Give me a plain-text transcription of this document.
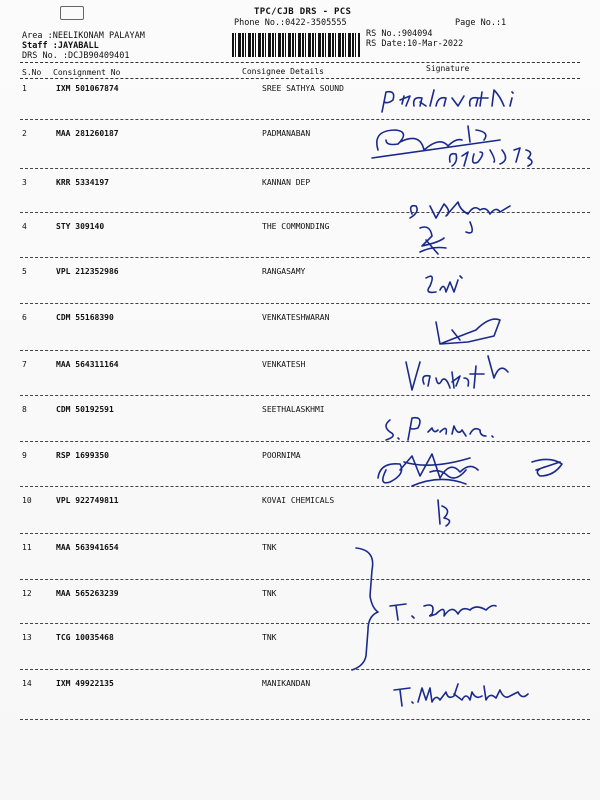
TPC/CJB DRS - PCS
Phone No.:0422-3505555	Page No.:1
RS No.:904094
RS Date:10-Mar-2022
Area :NEELIKONAM PALAYAM
Staff :JAYABALL
DRS No. :DCJB90409401
S.No Consignment No	Consignee Details	Signature
1	IXM 501067874	SREE SATHYA SOUND
2	MAA 281260187	PADMANABAN
3	KRR 5334197	KANNAN DEP
4	STY 309140	THE COMMONDING
5	VPL 212352986	RANGASAMY
6	CDM 55168390	VENKATESHWARAN
7	MAA 564311164	VENKATESH
8	CDM 50192591	SEETHALASKHMI
9	RSP 1699350	POORNIMA
10	VPL 922749811	KOVAI CHEMICALS
11	MAA 563941654	TNK
12	MAA 565263239	TNK
13	TCG 10035468	TNK
14	IXM 49922135	MANIKANDAN
